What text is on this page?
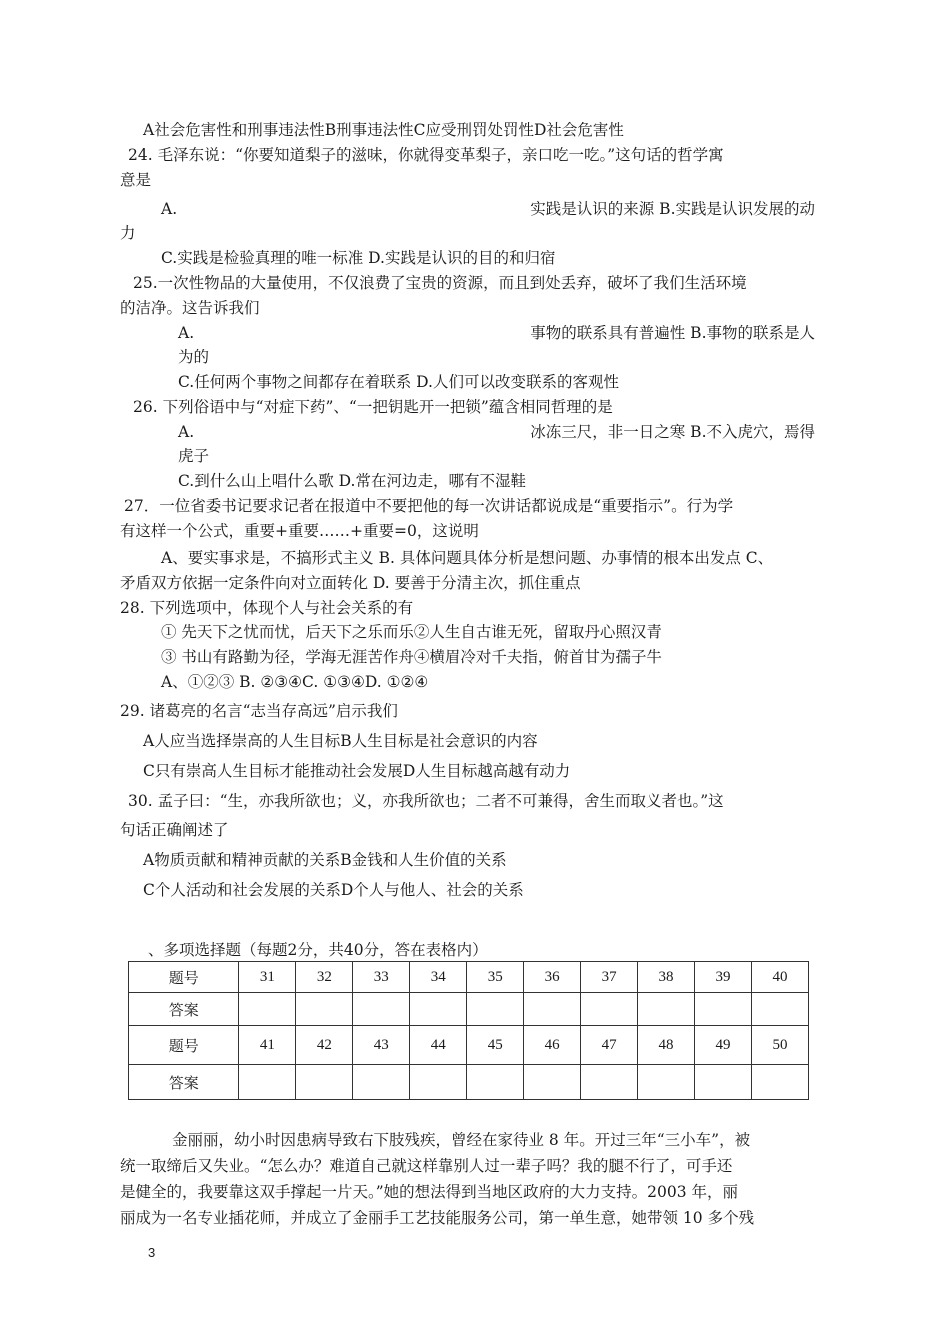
A社会危害性和刑事违法性B刑事违法性C应受刑罚处罚性D社会危害性
24. 毛泽东说：“你要知道梨子的滋味，你就得变革梨子，亲口吃一吃。”这句话的哲学寓
意是
A.	实践是认识的来源 B.实践是认识发展的动
力
C.实践是检验真理的唯一标准 D.实践是认识的目的和归宿
25.一次性物品的大量使用，不仅浪费了宝贵的资源，而且到处丢弃，破坏了我们生活环境
的洁净。这告诉我们
A.	事物的联系具有普遍性 B.事物的联系是人
为的
C.任何两个事物之间都存在着联系 D.人们可以改变联系的客观性
26. 下列俗语中与“对症下药”、“一把钥匙开一把锁”蕴含相同哲理的是
A.	冰冻三尺，非一日之寒 B.不入虎穴，焉得
虎子
C.到什么山上唱什么歌 D.常在河边走，哪有不湿鞋
27．一位省委书记要求记者在报道中不要把他的每一次讲话都说成是“重要指示”。行为学
有这样一个公式，重要+重要……+重要=0，这说明
A、要实事求是，不搞形式主义 B. 具体问题具体分析是想问题、办事情的根本出发点 C、
矛盾双方依据一定条件向对立面转化 D. 要善于分清主次，抓住重点
28. 下列选项中，体现个人与社会关系的有
① 先天下之忧而忧，后天下之乐而乐②人生自古谁无死，留取丹心照汉青
③ 书山有路勤为径，学海无涯苦作舟④横眉冷对千夫指，俯首甘为孺子牛
A、①②③ B. ②③④C. ①③④D. ①②④
29. 诸葛亮的名言“志当存高远”启示我们
A人应当选择崇高的人生目标B人生目标是社会意识的内容
C只有崇高人生目标才能推动社会发展D人生目标越高越有动力
30. 孟子曰：“生，亦我所欲也；义，亦我所欲也；二者不可兼得，舍生而取义者也。”这
句话正确阐述了
A物质贡献和精神贡献的关系B金钱和人生价值的关系
C个人活动和社会发展的关系D个人与他人、社会的关系
、多项选择题（每题2分，共40分，答在表格内）
题号	31	32	33	34	35	36	37	38	39	40
答案										
题号	41	42	43	44	45	46	47	48	49	50
答案										
金丽丽，幼小时因患病导致右下肢残疾，曾经在家待业 8 年。开过三年“三小车”，被
统一取缔后又失业。“怎么办？难道自己就这样靠别人过一辈子吗？我的腿不行了，可手还
是健全的，我要靠这双手撑起一片天。”她的想法得到当地区政府的大力支持。2003 年，丽
丽成为一名专业插花师，并成立了金丽手工艺技能服务公司，第一单生意，她带领 10 多个残
3
